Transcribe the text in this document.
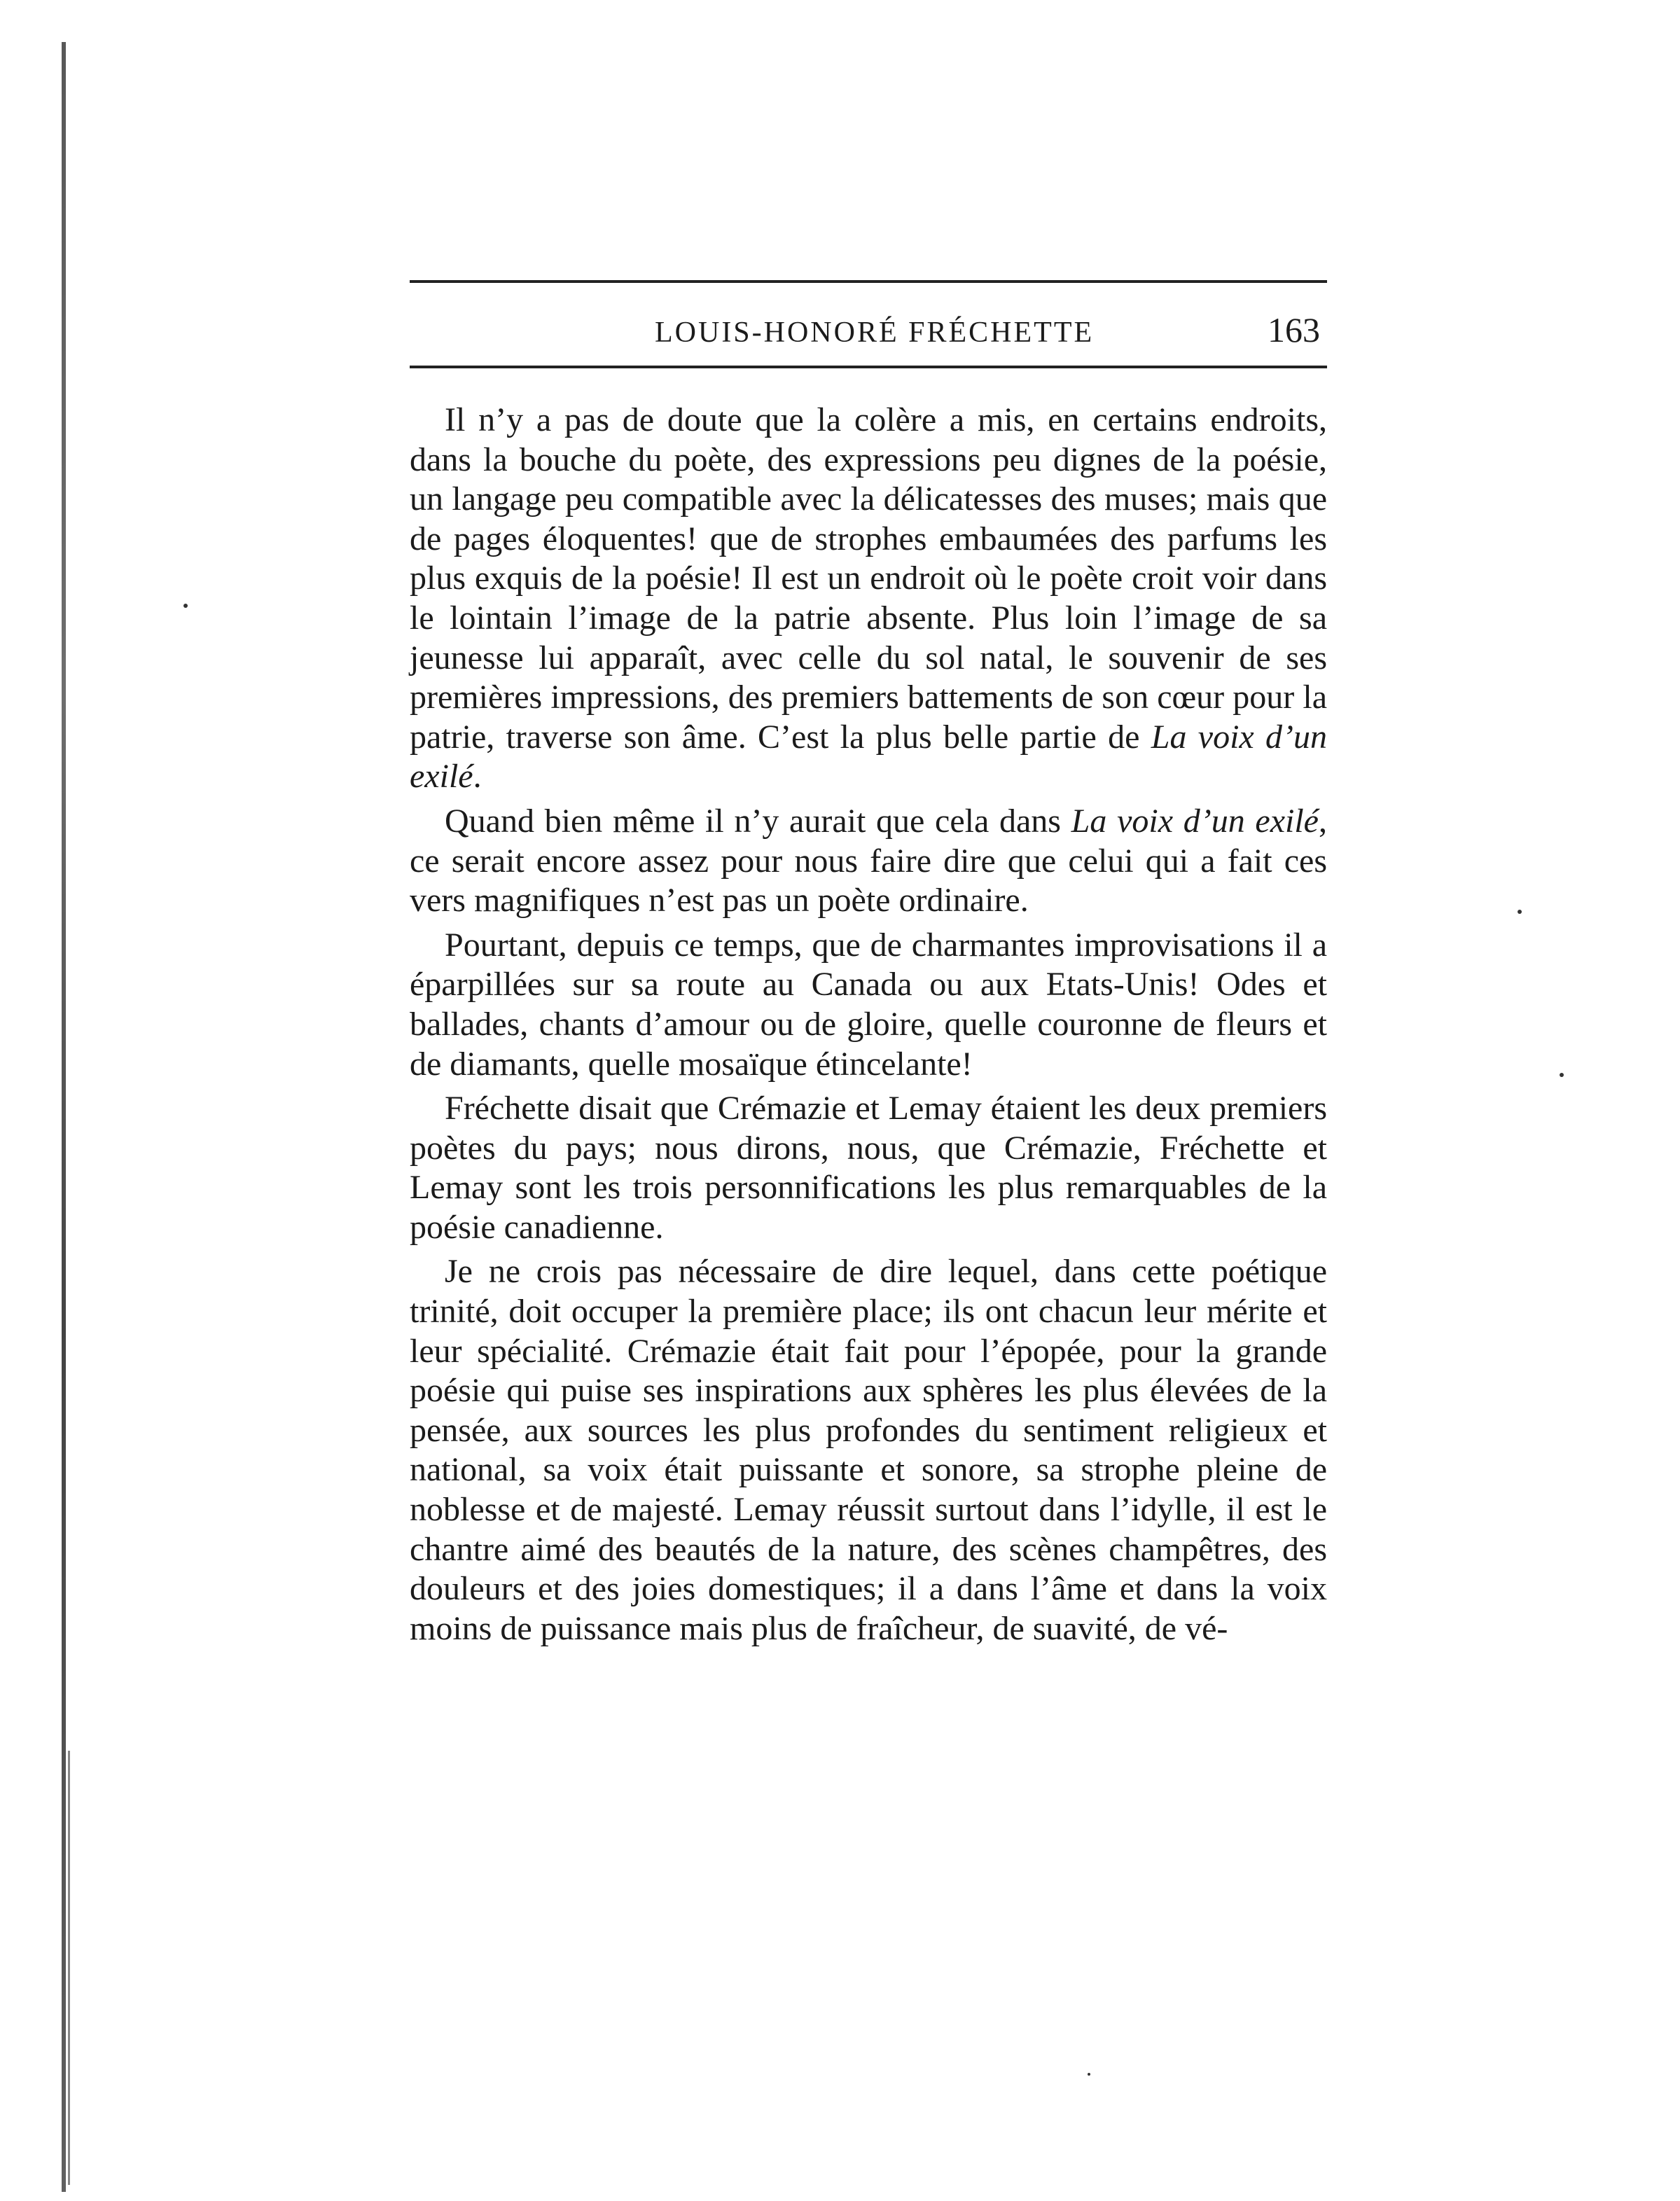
LOUIS-HONORÉ FRÉCHETTE	163

Il n’y a pas de doute que la colère a mis, en certains endroits, dans la bouche du poète, des expressions peu dignes de la poésie, un langage peu compatible avec la délicatesses des muses; mais que de pages éloquentes! que de strophes embaumées des parfums les plus exquis de la poésie! Il est un endroit où le poète croit voir dans le lointain l’image de la patrie absente. Plus loin l’image de sa jeunesse lui apparaît, avec celle du sol natal, le souvenir de ses premières impressions, des premiers battements de son cœur pour la patrie, traverse son âme. C’est la plus belle partie de La voix d’un exilé.

Quand bien même il n’y aurait que cela dans La voix d’un exilé, ce serait encore assez pour nous faire dire que celui qui a fait ces vers magnifiques n’est pas un poète ordinaire.

Pourtant, depuis ce temps, que de charmantes improvisations il a éparpillées sur sa route au Canada ou aux Etats-Unis! Odes et ballades, chants d’amour ou de gloire, quelle couronne de fleurs et de diamants, quelle mosaïque étincelante!

Fréchette disait que Crémazie et Lemay étaient les deux premiers poètes du pays; nous dirons, nous, que Crémazie, Fréchette et Lemay sont les trois personnifications les plus remarquables de la poésie canadienne.

Je ne crois pas nécessaire de dire lequel, dans cette poétique trinité, doit occuper la première place; ils ont chacun leur mérite et leur spécialité. Crémazie était fait pour l’épopée, pour la grande poésie qui puise ses inspirations aux sphères les plus élevées de la pensée, aux sources les plus profondes du sentiment religieux et national, sa voix était puissante et sonore, sa strophe pleine de noblesse et de majesté. Lemay réussit surtout dans l’idylle, il est le chantre aimé des beautés de la nature, des scènes champêtres, des douleurs et des joies domestiques; il a dans l’âme et dans la voix moins de puissance mais plus de fraîcheur, de suavité, de vé-
